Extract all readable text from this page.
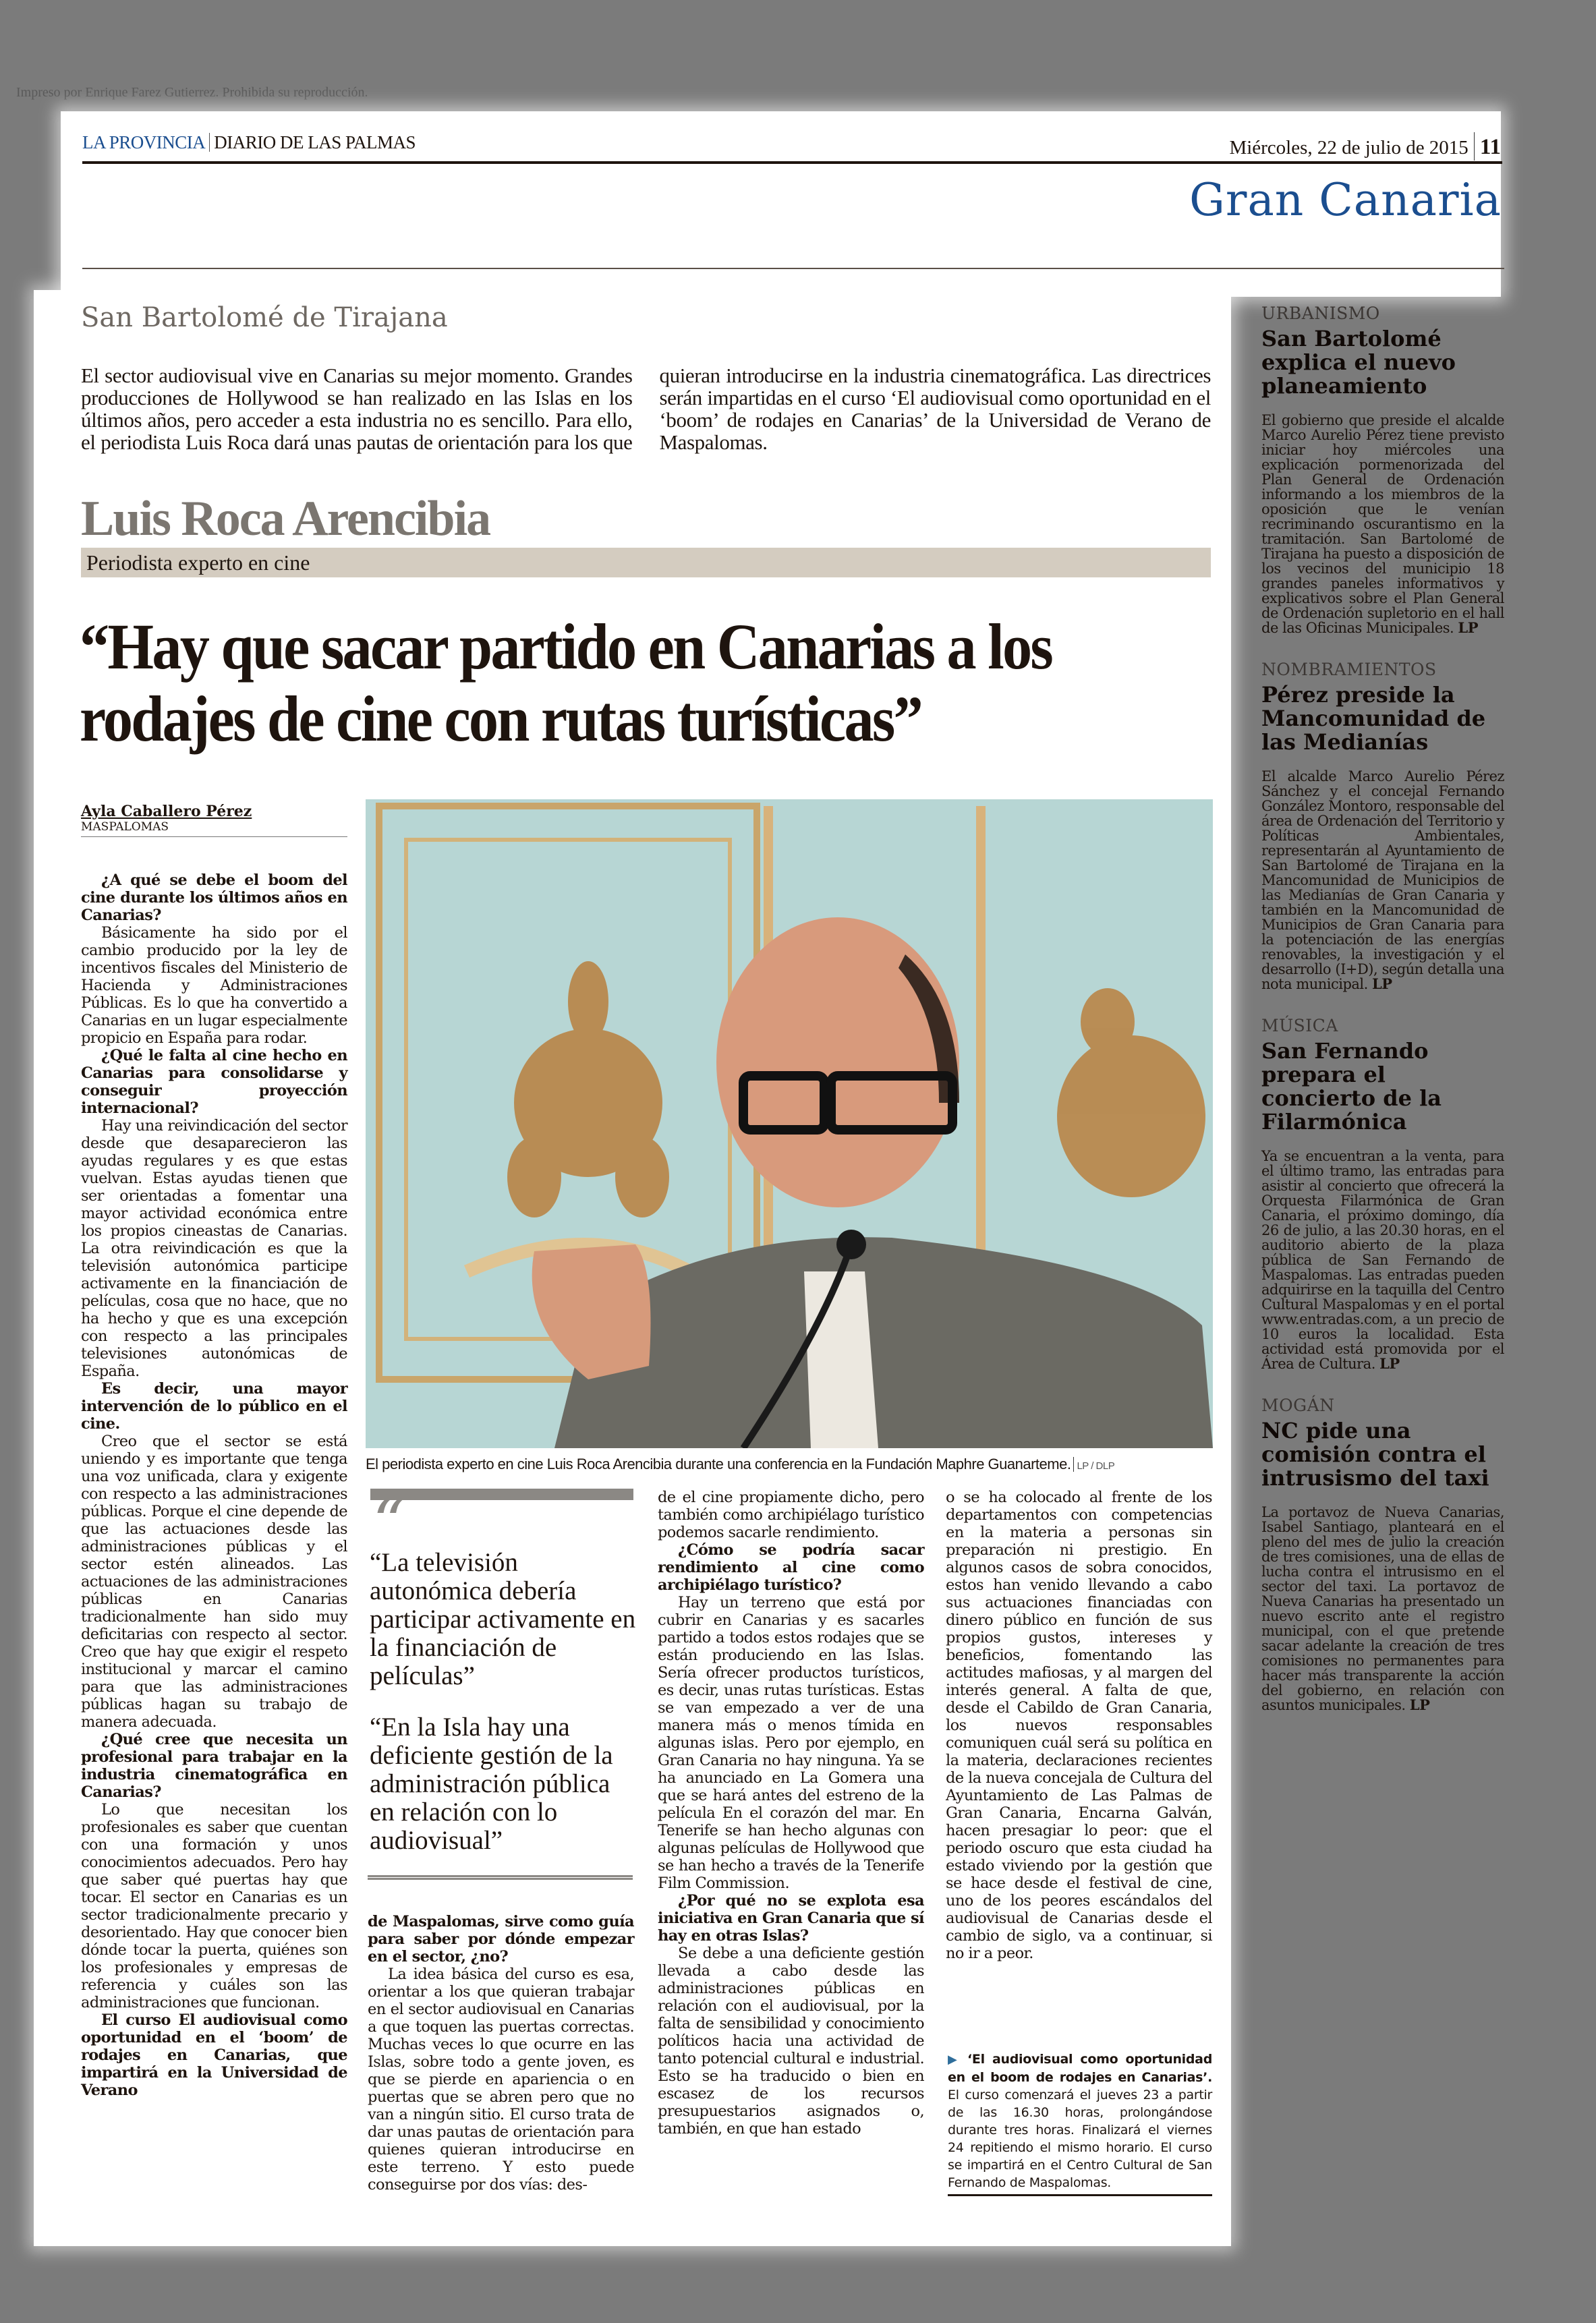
Impreso por Enrique Farez Gutierrez. Prohibida su reproducción.
LA PROVINCIA DIARIO DE LAS PALMAS	Miércoles, 22 de julio de 2015 11
Gran Canaria
San Bartolomé de Tirajana
El sector audiovisual vive en Canarias su mejor momento. Grandes producciones de Hollywood se han realizado en las Islas en los últimos años, pero acceder a esta industria no es sencillo. Para ello, el periodista Luis Roca dará unas pautas de orientación para los que quieran introducirse en la industria cinematográfica. Las directrices serán impartidas en el curso ‘El audiovisual como oportunidad en el ‘boom’ de rodajes en Canarias’ de la Universidad de Verano de Maspalomas.
Luis Roca Arencibia
Periodista experto en cine
“Hay que sacar partido en Canarias a los rodajes de cine con rutas turísticas”
Ayla Caballero Pérez
MASPALOMAS

¿A qué se debe el boom del cine durante los últimos años en Canarias?

Básicamente ha sido por el cambio producido por la ley de incentivos fiscales del Ministerio de Hacienda y Administraciones Públicas. Es lo que ha convertido a Canarias en un lugar especialmente propicio en España para rodar.

¿Qué le falta al cine hecho en Canarias para consolidarse y conseguir proyección internacional?

Hay una reivindicación del sector desde que desaparecieron las ayudas regulares y es que estas vuelvan. Estas ayudas tienen que ser orientadas a fomentar una mayor actividad económica entre los propios cineastas de Canarias. La otra reivindicación es que la televisión autonómica participe activamente en la financiación de películas, cosa que no hace, que no ha hecho y que es una excepción con respecto a las principales televisiones autonómicas de España.

Es decir, una mayor intervención de lo público en el cine.

Creo que el sector se está uniendo y es importante que tenga una voz unificada, clara y exigente con respecto a las administraciones públicas. Porque el cine depende de que las actuaciones desde las administraciones públicas y el sector estén alineados. Las actuaciones de las administraciones públicas en Canarias tradicionalmente han sido muy deficitarias con respecto al sector. Creo que hay que exigir el respeto institucional y marcar el camino para que las administraciones públicas hagan su trabajo de manera adecuada.

¿Qué cree que necesita un profesional para trabajar en la industria cinematográfica en Canarias?

Lo que necesitan los profesionales es saber que cuentan con una formación y unos conocimientos adecuados. Pero hay que saber qué puertas hay que tocar. El sector en Canarias es un sector tradicionalmente precario y desorientado. Hay que conocer bien dónde tocar la puerta, quiénes son los profesionales y empresas de referencia y cuáles son las administraciones que funcionan.

El curso El audiovisual como oportunidad en el ‘boom’ de rodajes en Canarias, que impartirá en la Universidad de Verano

de Maspalomas, sirve como guía para saber por dónde empezar en el sector, ¿no?

La idea básica del curso es esa, orientar a los que quieran trabajar en el sector audiovisual en Canarias a que toquen las puertas correctas. Muchas veces lo que ocurre en las Islas, sobre todo a gente joven, es que se pierde en apariencia o en puertas que se abren pero que no van a ningún sitio. El curso trata de dar unas pautas de orientación para quienes quieran introducirse en este terreno. Y esto puede conseguirse por dos vías: des-

de el cine propiamente dicho, pero también como archipiélago turístico podemos sacarle rendimiento.

¿Cómo se podría sacar rendimiento al cine como archipiélago turístico?

Hay un terreno que está por cubrir en Canarias y es sacarles partido a todos estos rodajes que se están produciendo en las Islas. Sería ofrecer productos turísticos, es decir, unas rutas turísticas. Estas se van empezado a ver de una manera más o menos tímida en algunas islas. Pero por ejemplo, en Gran Canaria no hay ninguna. Ya se ha anunciado en La Gomera una que se hará antes del estreno de la película En el corazón del mar. En Tenerife se han hecho algunas con algunas películas de Hollywood que se han hecho a través de la Tenerife Film Commission.

¿Por qué no se explota esa iniciativa en Gran Canaria que sí hay en otras Islas?

Se debe a una deficiente gestión llevada a cabo desde las administraciones públicas en relación con el audiovisual, por la falta de sensibilidad y conocimiento políticos hacia una actividad de tanto potencial cultural e industrial. Esto se ha traducido o bien en escasez de los recursos presupuestarios asignados o, también, en que han estado

o se ha colocado al frente de los departamentos con competencias en la materia a personas sin preparación ni prestigio. En algunos casos de sobra conocidos, estos han venido llevando a cabo sus actuaciones financiadas con dinero público en función de sus propios gustos, intereses y beneficios, fomentando las actitudes mafiosas, y al margen del interés general. A falta de que, desde el Cabildo de Gran Canaria, los nuevos responsables comuniquen cuál será su política en la materia, declaraciones recientes de la nueva concejala de Cultura del Ayuntamiento de Las Palmas de Gran Canaria, Encarna Galván, hacen presagiar lo peor: que el periodo oscuro que esta ciudad ha estado viviendo por la gestión que se hace desde el festival de cine, uno de los peores escándalos del audiovisual de Canarias desde el cambio de siglo, va a continuar, si no ir a peor.

El periodista experto en cine Luis Roca Arencibia durante una conferencia en la Fundación Maphre Guanarteme. LP / DLP
“
“La televisión autonómica debería participar activamente en la financiación de películas”
“En la Isla hay una deficiente gestión de la administración pública en relación con lo audiovisual”
▶ ‘El audiovisual como oportunidad en el boom de rodajes en Canarias’. El curso comenzará el jueves 23 a partir de las 16.30 horas, prolongándose durante tres horas. Finalizará el viernes 24 repitiendo el mismo horario. El curso se impartirá en el Centro Cultural de San Fernando de Maspalomas.
URBANISMO
San Bartolomé explica el nuevo planeamiento
El gobierno que preside el alcalde Marco Aurelio Pérez tiene previsto iniciar hoy miércoles una explicación pormenorizada del Plan General de Ordenación informando a los miembros de la oposición que le venían recriminando oscurantismo en la tramitación. San Bartolomé de Tirajana ha puesto a disposición de los vecinos del municipio 18 grandes paneles informativos y explicativos sobre el Plan General de Ordenación supletorio en el hall de las Oficinas Municipales. LP
NOMBRAMIENTOS
Pérez preside la Mancomunidad de las Medianías
El alcalde Marco Aurelio Pérez Sánchez y el concejal Fernando González Montoro, responsable del área de Ordenación del Territorio y Políticas Ambientales, representarán al Ayuntamiento de San Bartolomé de Tirajana en la Mancomunidad de Municipios de las Medianías de Gran Canaria y también en la Mancomunidad de Municipios de Gran Canaria para la potenciación de las energías renovables, la investigación y el desarrollo (I+D), según detalla una nota municipal. LP
MÚSICA
San Fernando prepara el concierto de la Filarmónica
Ya se encuentran a la venta, para el último tramo, las entradas para asistir al concierto que ofrecerá la Orquesta Filarmónica de Gran Canaria, el próximo domingo, día 26 de julio, a las 20.30 horas, en el auditorio abierto de la plaza pública de San Fernando de Maspalomas. Las entradas pueden adquirirse en la taquilla del Centro Cultural Maspalomas y en el portal www.entradas.com, a un precio de 10 euros la localidad. Esta actividad está promovida por el Área de Cultura. LP
MOGÁN
NC pide una comisión contra el intrusismo del taxi
La portavoz de Nueva Canarias, Isabel Santiago, planteará en el pleno del mes de julio la creación de tres comisiones, una de ellas de lucha contra el intrusismo en el sector del taxi. La portavoz de Nueva Canarias ha presentado un nuevo escrito ante el registro municipal, con el que pretende sacar adelante la creación de tres comisiones no permanentes para hacer más transparente la acción del gobierno, en relación con asuntos municipales. LP
